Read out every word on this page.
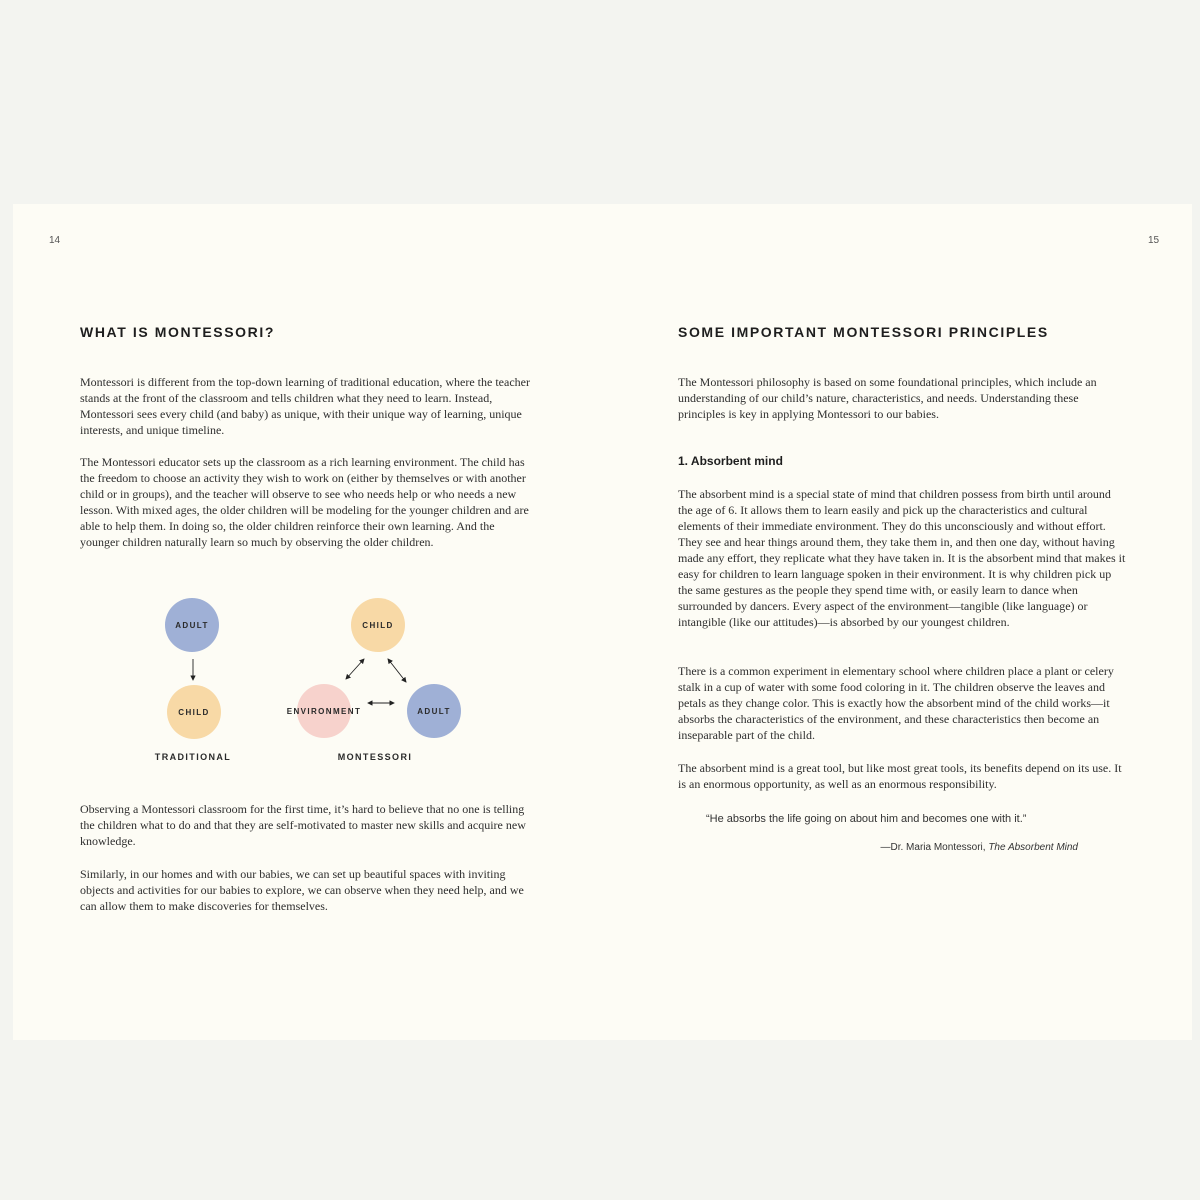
14
WHAT IS MONTESSORI?

Montessori is different from the top-down learning of traditional education, where the teacher stands at the front of the classroom and tells children what they need to learn. Instead, Montessori sees every child (and baby) as unique, with their unique way of learning, unique interests, and unique timeline.

The Montessori educator sets up the classroom as a rich learning environment. The child has the freedom to choose an activity they wish to work on (either by themselves or with another child or in groups), and the teacher will observe to see who needs help or who needs a new lesson. With mixed ages, the older children will be modeling for the younger children and are able to help them. In doing so, the older children reinforce their own learning. And the younger children naturally learn so much by observing the older children.

ADULT
CHILD
TRADITIONAL
CHILD
ENVIRONMENT	ADULT
MONTESSORI

Observing a Montessori classroom for the first time, it’s hard to believe that no one is telling the children what to do and that they are self-motivated to master new skills and acquire new knowledge.

Similarly, in our homes and with our babies, we can set up beautiful spaces with inviting objects and activities for our babies to explore, we can observe when they need help, and we can allow them to make discoveries for themselves.

15
SOME IMPORTANT MONTESSORI PRINCIPLES

The Montessori philosophy is based on some foundational principles, which include an understanding of our child’s nature, characteristics, and needs. Understanding these principles is key in applying Montessori to our babies.

1. Absorbent mind

The absorbent mind is a special state of mind that children possess from birth until around the age of 6. It allows them to learn easily and pick up the characteristics and cultural elements of their immediate environment. They do this unconsciously and without effort. They see and hear things around them, they take them in, and then one day, without having made any effort, they replicate what they have taken in. It is the absorbent mind that makes it easy for children to learn language spoken in their environment. It is why children pick up the same gestures as the people they spend time with, or easily learn to dance when surrounded by dancers. Every aspect of the environment—tangible (like language) or intangible (like our attitudes)—is absorbed by our youngest children.

There is a common experiment in elementary school where children place a plant or celery stalk in a cup of water with some food coloring in it. The children observe the leaves and petals as they change color. This is exactly how the absorbent mind of the child works—it absorbs the characteristics of the environment, and these characteristics then become an inseparable part of the child.

The absorbent mind is a great tool, but like most great tools, its benefits depend on its use. It is an enormous opportunity, as well as an enormous responsibility.

“He absorbs the life going on about him and becomes one with it.”

—Dr. Maria Montessori, The Absorbent Mind
